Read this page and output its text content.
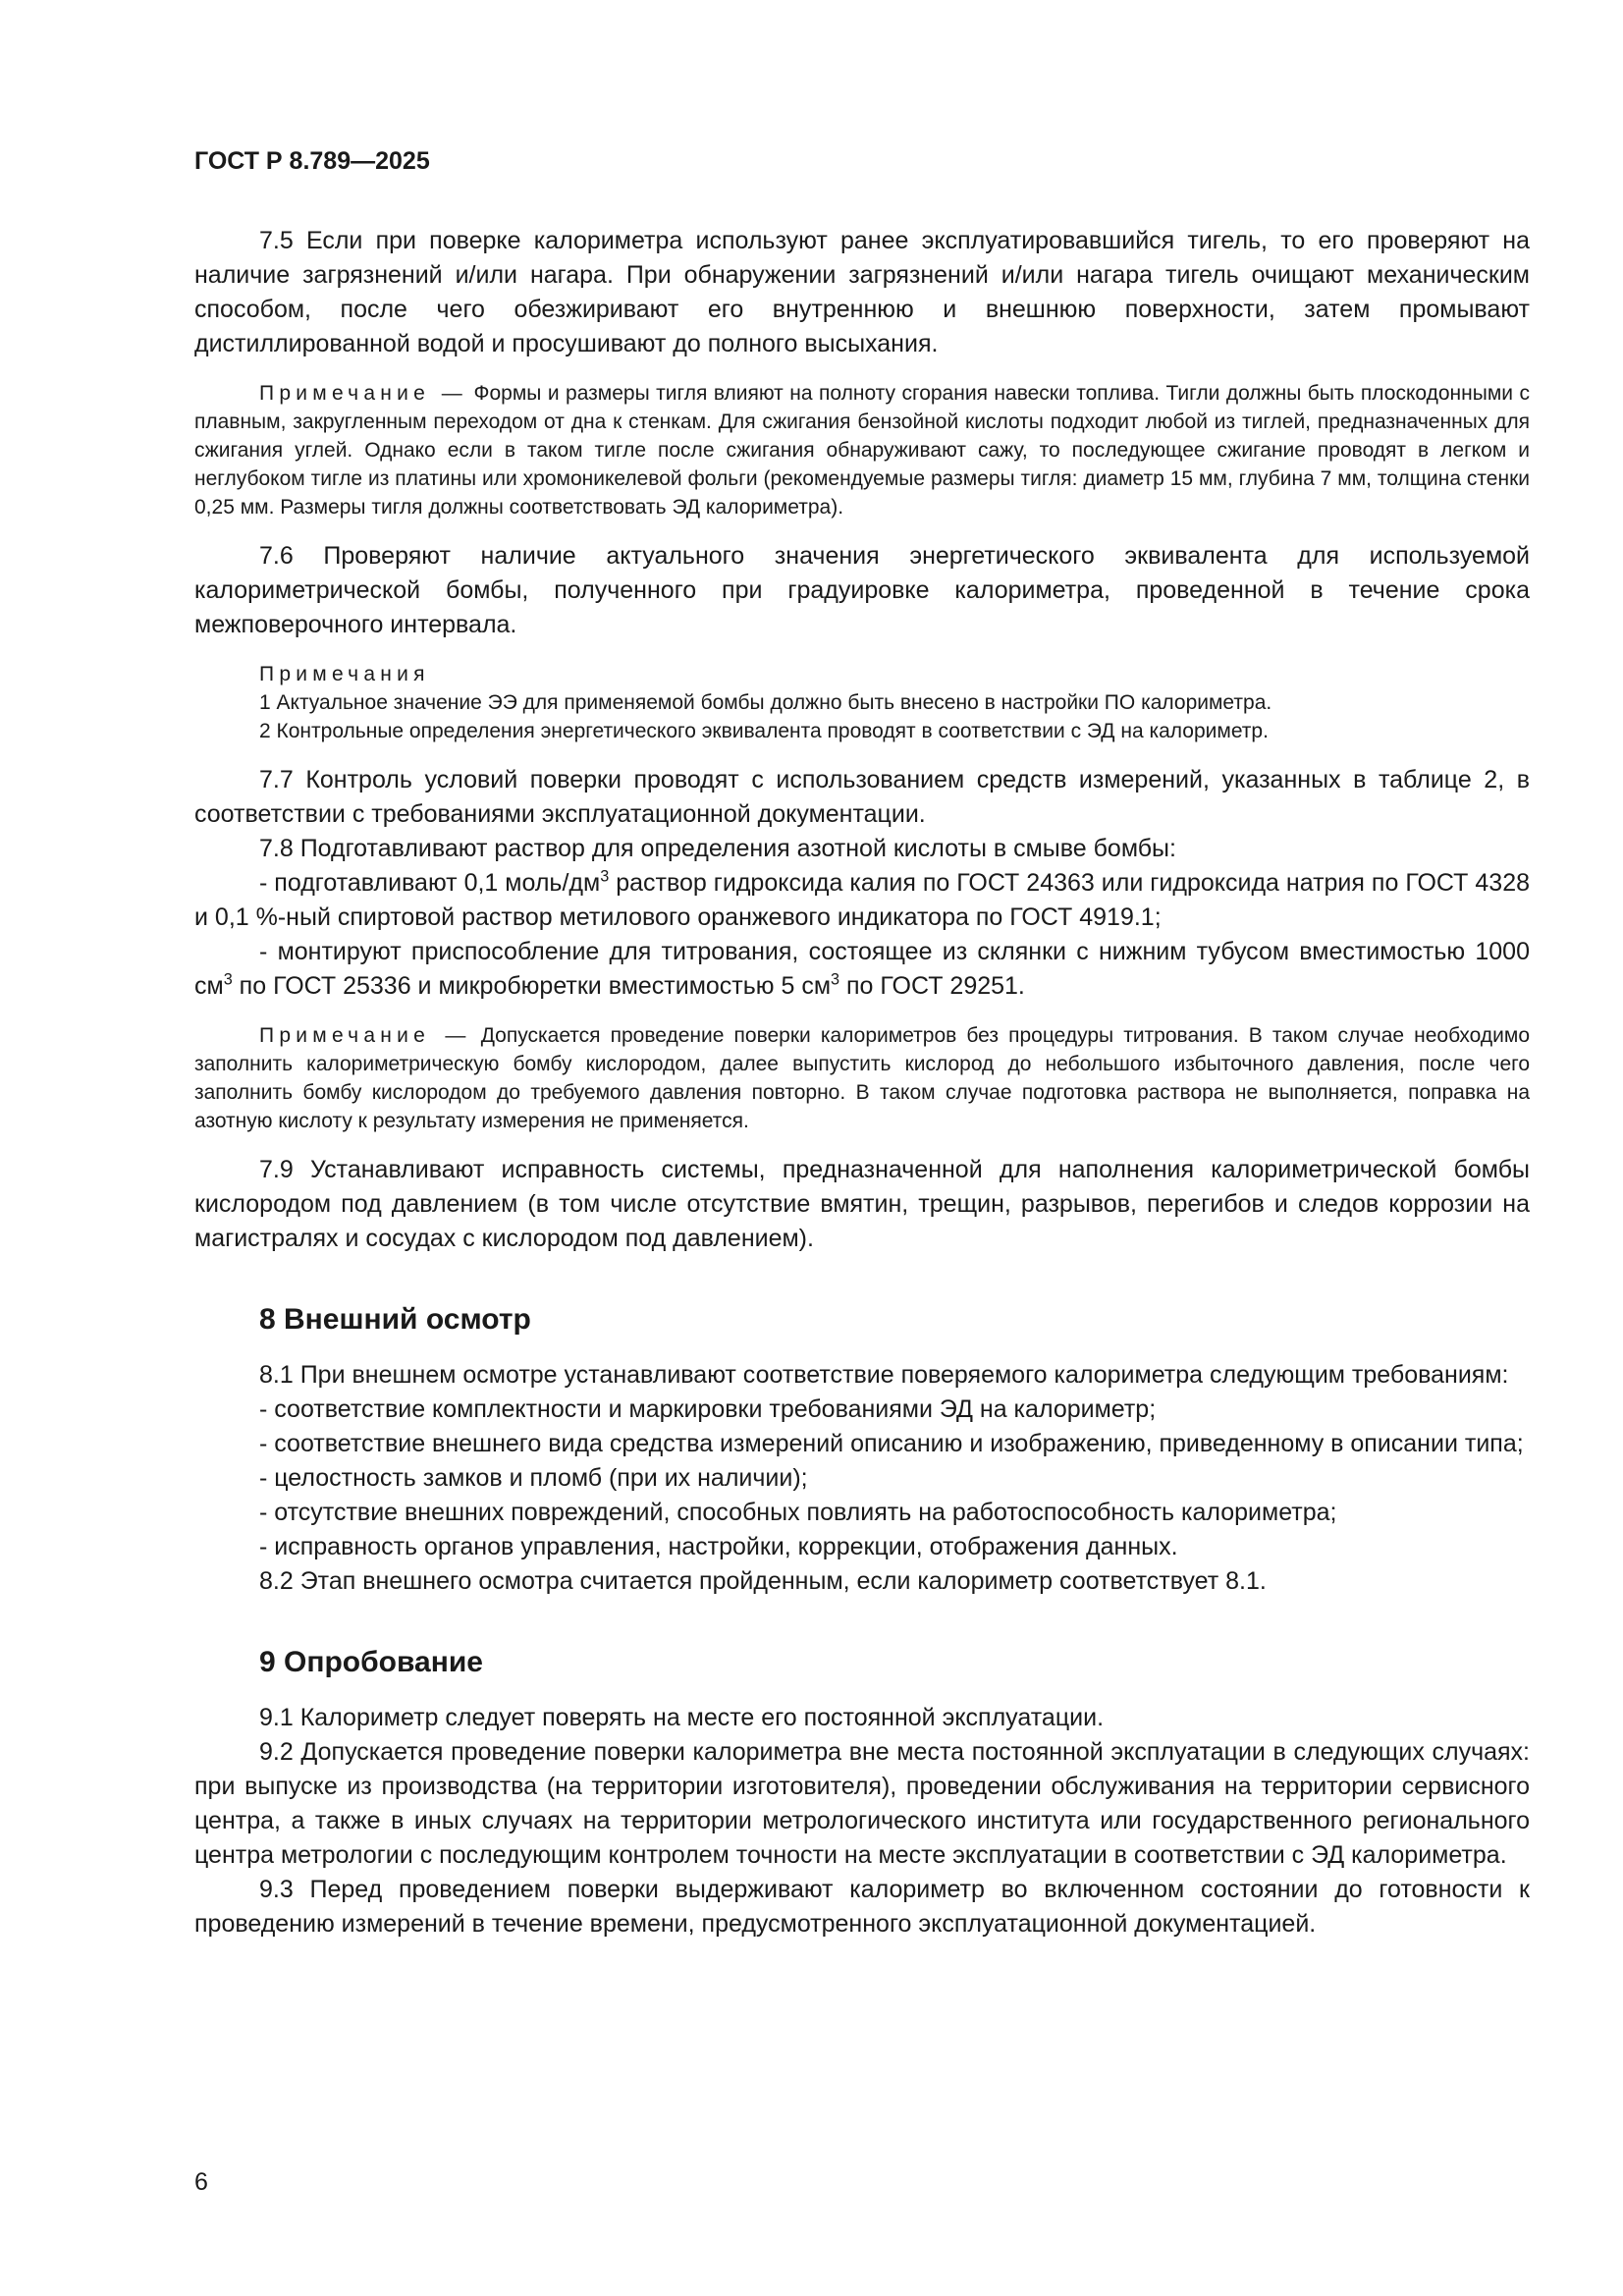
ГОСТ Р 8.789—2025

7.5 Если при поверке калориметра используют ранее эксплуатировавшийся тигель, то его проверяют на наличие загрязнений и/или нагара. При обнаружении загрязнений и/или нагара тигель очищают механическим способом, после чего обезжиривают его внутреннюю и внешнюю поверхности, затем промывают дистиллированной водой и просушивают до полного высыхания.

Примечание — Формы и размеры тигля влияют на полноту сгорания навески топлива. Тигли должны быть плоскодонными с плавным, закругленным переходом от дна к стенкам. Для сжигания бензойной кислоты подходит любой из тиглей, предназначенных для сжигания углей. Однако если в таком тигле после сжигания обнаруживают сажу, то последующее сжигание проводят в легком и неглубоком тигле из платины или хромоникелевой фольги (рекомендуемые размеры тигля: диаметр 15 мм, глубина 7 мм, толщина стенки 0,25 мм. Размеры тигля должны соответствовать ЭД калориметра).

7.6 Проверяют наличие актуального значения энергетического эквивалента для используемой калориметрической бомбы, полученного при градуировке калориметра, проведенной в течение срока межповерочного интервала.

Примечания

1 Актуальное значение ЭЭ для применяемой бомбы должно быть внесено в настройки ПО калориметра.

2 Контрольные определения энергетического эквивалента проводят в соответствии с ЭД на калориметр.

7.7 Контроль условий поверки проводят с использованием средств измерений, указанных в таблице 2, в соответствии с требованиями эксплуатационной документации.

7.8 Подготавливают раствор для определения азотной кислоты в смыве бомбы:

- подготавливают 0,1 моль/$дм^3$ раствор гидроксида калия по ГОСТ 24363 или гидроксида натрия по ГОСТ 4328 и 0,1 %-ный спиртовой раствор метилового оранжевого индикатора по ГОСТ 4919.1;

- монтируют приспособление для титрования, состоящее из склянки с нижним тубусом вместимостью 1000 $см^3$ по ГОСТ 25336 и микробюретки вместимостью 5 $см^3$ по ГОСТ 29251.

Примечание — Допускается проведение поверки калориметров без процедуры титрования. В таком случае необходимо заполнить калориметрическую бомбу кислородом, далее выпустить кислород до небольшого избыточного давления, после чего заполнить бомбу кислородом до требуемого давления повторно. В таком случае подготовка раствора не выполняется, поправка на азотную кислоту к результату измерения не применяется.

7.9 Устанавливают исправность системы, предназначенной для наполнения калориметрической бомбы кислородом под давлением (в том числе отсутствие вмятин, трещин, разрывов, перегибов и следов коррозии на магистралях и сосудах с кислородом под давлением).

8 Внешний осмотр

8.1 При внешнем осмотре устанавливают соответствие поверяемого калориметра следующим требованиям:

- соответствие комплектности и маркировки требованиями ЭД на калориметр;

- соответствие внешнего вида средства измерений описанию и изображению, приведенному в описании типа;

- целостность замков и пломб (при их наличии);

- отсутствие внешних повреждений, способных повлиять на работоспособность калориметра;

- исправность органов управления, настройки, коррекции, отображения данных.

8.2 Этап внешнего осмотра считается пройденным, если калориметр соответствует 8.1.

9 Опробование

9.1 Калориметр следует поверять на месте его постоянной эксплуатации.

9.2 Допускается проведение поверки калориметра вне места постоянной эксплуатации в следующих случаях: при выпуске из производства (на территории изготовителя), проведении обслуживания на территории сервисного центра, а также в иных случаях на территории метрологического института или государственного регионального центра метрологии с последующим контролем точности на месте эксплуатации в соответствии с ЭД калориметра.

9.3 Перед проведением поверки выдерживают калориметр во включенном состоянии до готовности к проведению измерений в течение времени, предусмотренного эксплуатационной документацией.

6
